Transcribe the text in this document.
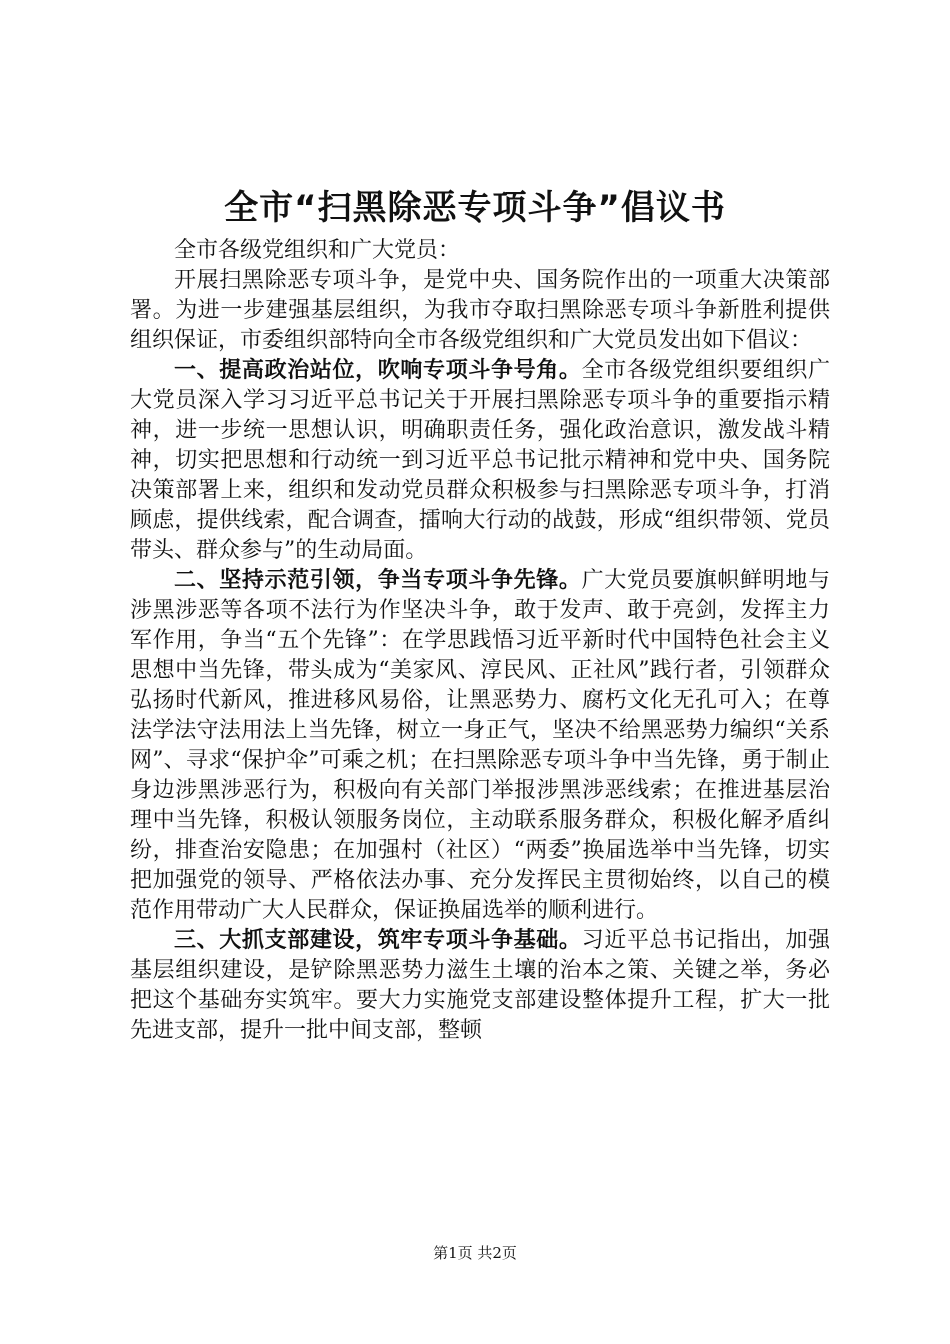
全市“扫黑除恶专项斗争”倡议书

全市各级党组织和广大党员：

开展扫黑除恶专项斗争，是党中央、国务院作出的一项重大决策部署。为进一步建强基层组织，为我市夺取扫黑除恶专项斗争新胜利提供组织保证，市委组织部特向全市各级党组织和广大党员发出如下倡议：

一、提高政治站位，吹响专项斗争号角。全市各级党组织要组织广大党员深入学习习近平总书记关于开展扫黑除恶专项斗争的重要指示精神，进一步统一思想认识，明确职责任务，强化政治意识，激发战斗精神，切实把思想和行动统一到习近平总书记批示精神和党中央、国务院决策部署上来，组织和发动党员群众积极参与扫黑除恶专项斗争，打消顾虑，提供线索，配合调查，擂响大行动的战鼓，形成“组织带领、党员带头、群众参与”的生动局面。

二、坚持示范引领，争当专项斗争先锋。广大党员要旗帜鲜明地与涉黑涉恶等各项不法行为作坚决斗争，敢于发声、敢于亮剑，发挥主力军作用，争当“五个先锋”：在学思践悟习近平新时代中国特色社会主义思想中当先锋，带头成为“美家风、淳民风、正社风”践行者，引领群众弘扬时代新风，推进移风易俗，让黑恶势力、腐朽文化无孔可入；在尊法学法守法用法上当先锋，树立一身正气，坚决不给黑恶势力编织“关系网”、寻求“保护伞”可乘之机；在扫黑除恶专项斗争中当先锋，勇于制止身边涉黑涉恶行为，积极向有关部门举报涉黑涉恶线索；在推进基层治理中当先锋，积极认领服务岗位，主动联系服务群众，积极化解矛盾纠纷，排查治安隐患；在加强村（社区）“两委”换届选举中当先锋，切实把加强党的领导、严格依法办事、充分发挥民主贯彻始终，以自己的模范作用带动广大人民群众，保证换届选举的顺利进行。

三、大抓支部建设，筑牢专项斗争基础。习近平总书记指出，加强基层组织建设，是铲除黑恶势力滋生土壤的治本之策、关键之举，务必把这个基础夯实筑牢。要大力实施党支部建设整体提升工程，扩大一批先进支部，提升一批中间支部，整顿

第1页 共2页
